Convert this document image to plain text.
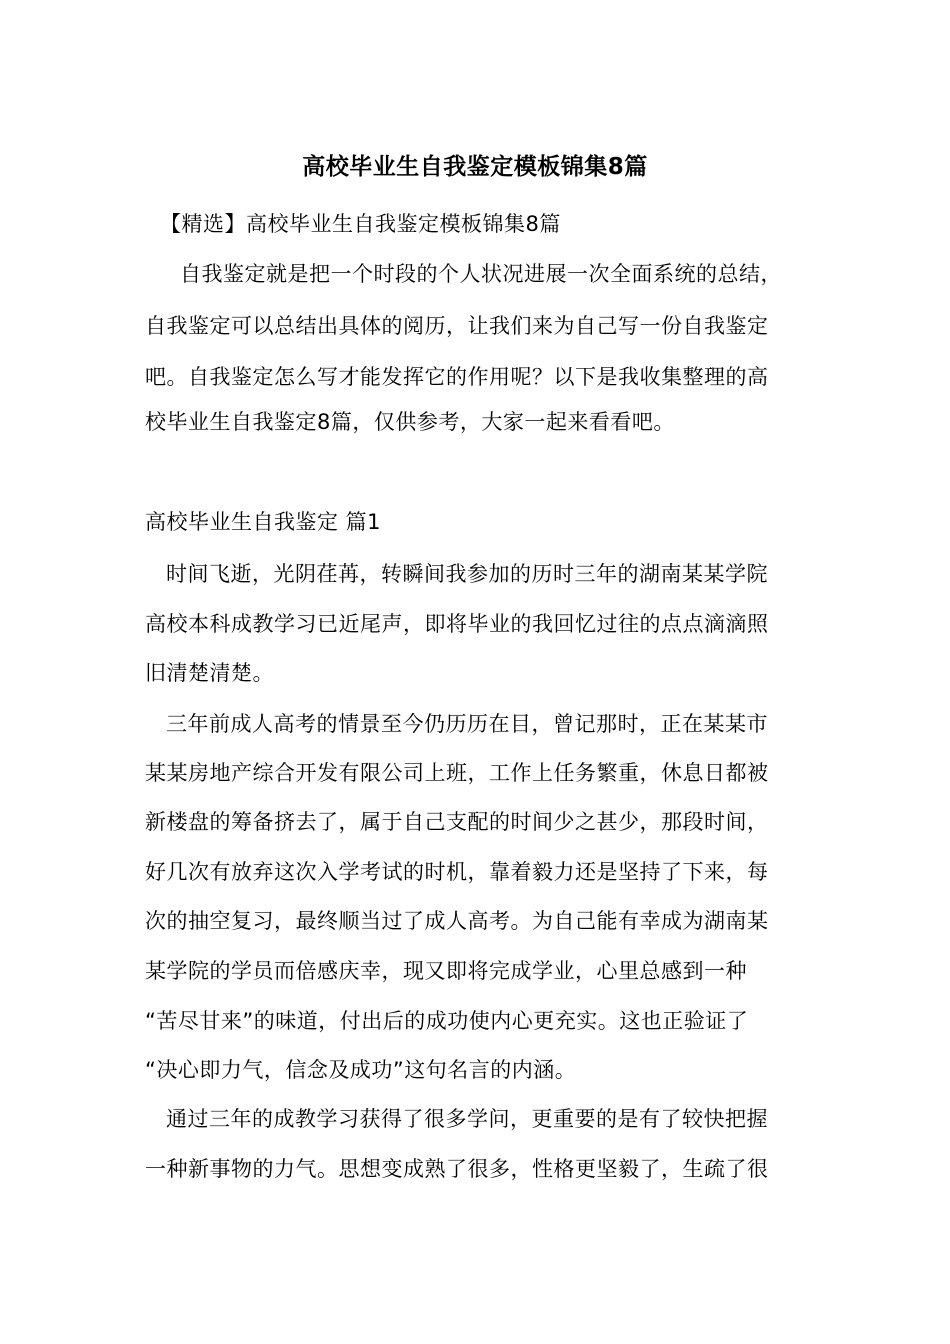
高校毕业生自我鉴定模板锦集8篇
【精选】高校毕业生自我鉴定模板锦集8篇
自我鉴定就是把一个时段的个人状况进展一次全面系统的总结，
自我鉴定可以总结出具体的阅历，让我们来为自己写一份自我鉴定
吧。自我鉴定怎么写才能发挥它的作用呢？以下是我收集整理的高
校毕业生自我鉴定8篇，仅供参考，大家一起来看看吧。
高校毕业生自我鉴定 篇1
时间飞逝，光阴荏苒，转瞬间我参加的历时三年的湖南某某学院
高校本科成教学习已近尾声，即将毕业的我回忆过往的点点滴滴照
旧清楚清楚。
三年前成人高考的情景至今仍历历在目，曾记那时，正在某某市
某某房地产综合开发有限公司上班，工作上任务繁重，休息日都被
新楼盘的筹备挤去了，属于自己支配的时间少之甚少，那段时间，
好几次有放弃这次入学考试的时机，靠着毅力还是坚持了下来，每
次的抽空复习，最终顺当过了成人高考。为自己能有幸成为湖南某
某学院的学员而倍感庆幸，现又即将完成学业，心里总感到一种
“苦尽甘来”的味道，付出后的成功使内心更充实。这也正验证了
“决心即力气，信念及成功”这句名言的内涵。
通过三年的成教学习获得了很多学问，更重要的是有了较快把握
一种新事物的力气。思想变成熟了很多，性格更坚毅了，生疏了很
